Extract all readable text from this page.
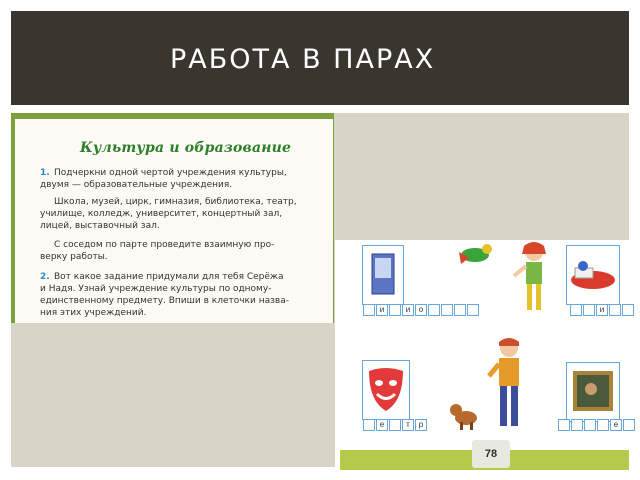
РАБОТА В ПАРАХ
Культура и образование
1. Подчеркни одной чертой учреждения культуры,
двумя — образовательные учреждения.
Школа, музей, цирк, гимназия, библиотека, театр,
училище, колледж, университет, концертный зал,
лицей, выставочный зал.
С соседом по парте проведите взаимную про-
верку работы.
2. Вот какое задание придумали для тебя Серёжа
и Надя. Узнай учреждение культуры по одному-
единственному предмету. Впиши в клеточки назва-
ния этих учреждений.
78
и	и	о	и
е	т	р	е
